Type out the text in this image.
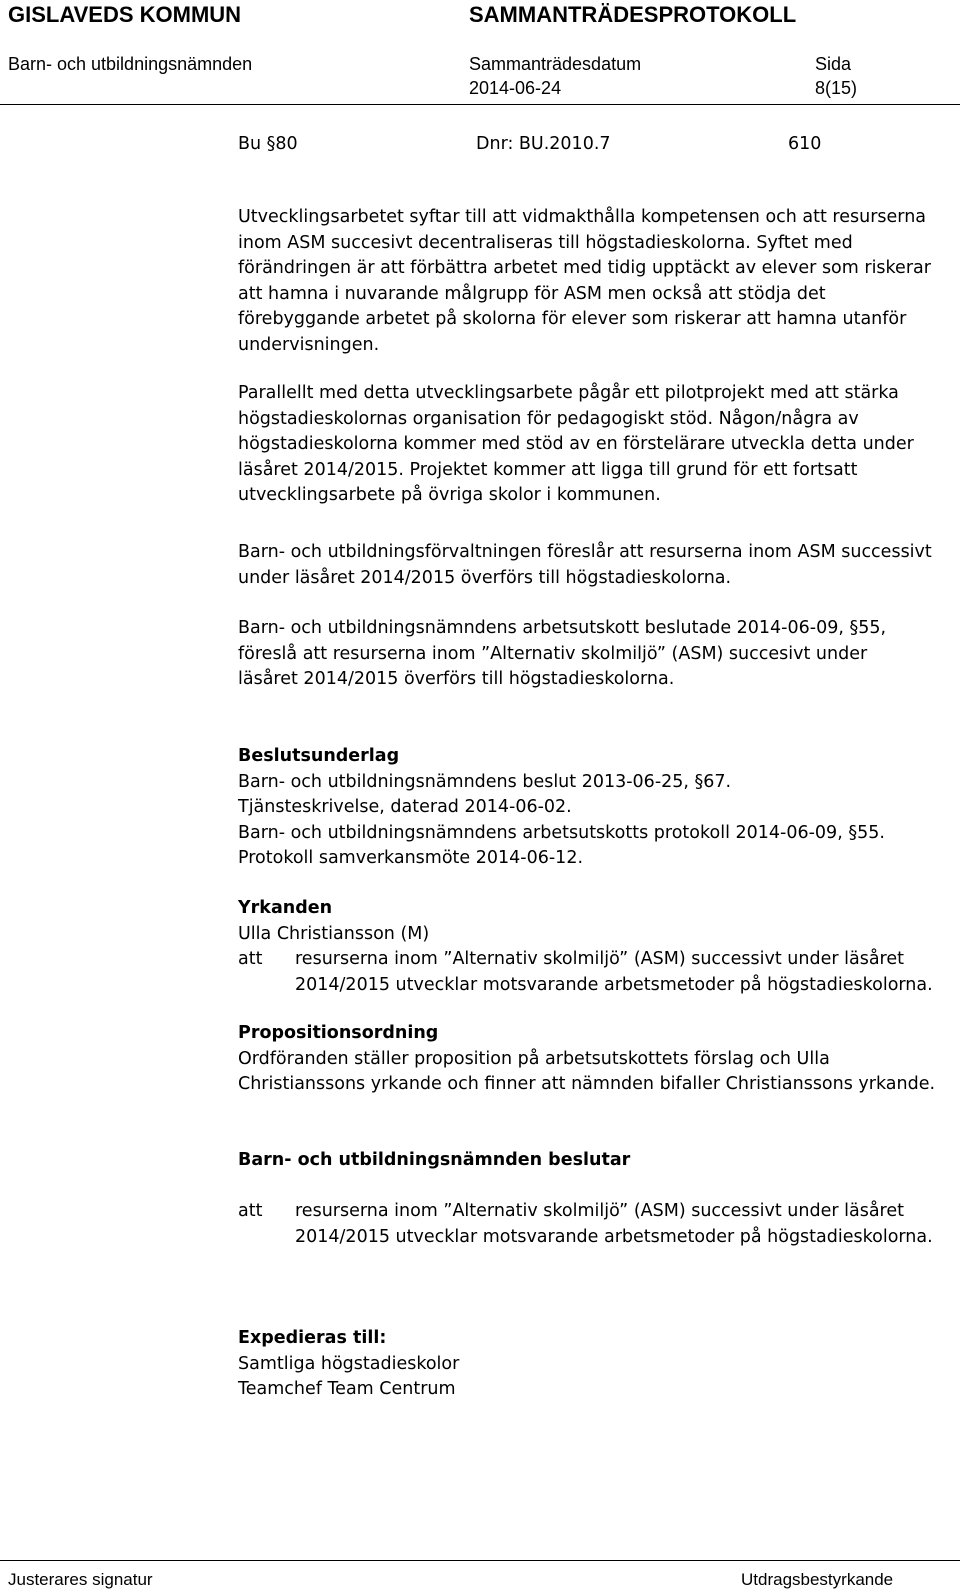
GISLAVEDS KOMMUN	SAMMANTRÄDESPROTOKOLL
Barn- och utbildningsnämnden	Sammanträdesdatum
2014-06-24
Sida
8(15)
Bu §80	Dnr: BU.2010.7	610
Utvecklingsarbetet syftar till att vidmakthålla kompetensen och att resurserna
inom ASM succesivt decentraliseras till högstadieskolorna. Syftet med
förändringen är att förbättra arbetet med tidig upptäckt av elever som riskerar
att hamna i nuvarande målgrupp för ASM men också att stödja det
förebyggande arbetet på skolorna för elever som riskerar att hamna utanför
undervisningen.
Parallellt med detta utvecklingsarbete pågår ett pilotprojekt med att stärka
högstadieskolornas organisation för pedagogiskt stöd. Någon/några av
högstadieskolorna kommer med stöd av en förstelärare utveckla detta under
läsåret 2014/2015. Projektet kommer att ligga till grund för ett fortsatt
utvecklingsarbete på övriga skolor i kommunen.
Barn- och utbildningsförvaltningen föreslår att resurserna inom ASM successivt
under läsåret 2014/2015 överförs till högstadieskolorna.
Barn- och utbildningsnämndens arbetsutskott beslutade 2014-06-09, §55,
föreslå att resurserna inom ”Alternativ skolmiljö” (ASM) succesivt under
läsåret 2014/2015 överförs till högstadieskolorna.
Beslutsunderlag
Barn- och utbildningsnämndens beslut 2013-06-25, §67.
Tjänsteskrivelse, daterad 2014-06-02.
Barn- och utbildningsnämndens arbetsutskotts protokoll 2014-06-09, §55.
Protokoll samverkansmöte 2014-06-12.
Yrkanden
Ulla Christiansson (M)
att resurserna inom ”Alternativ skolmiljö” (ASM) successivt under läsåret
2014/2015 utvecklar motsvarande arbetsmetoder på högstadieskolorna.
Propositionsordning
Ordföranden ställer proposition på arbetsutskottets förslag och Ulla
Christianssons yrkande och finner att nämnden bifaller Christianssons yrkande.
Barn- och utbildningsnämnden beslutar
att resurserna inom ”Alternativ skolmiljö” (ASM) successivt under läsåret
2014/2015 utvecklar motsvarande arbetsmetoder på högstadieskolorna.
Expedieras till:
Samtliga högstadieskolor
Teamchef Team Centrum
Justerares signatur	Utdragsbestyrkande
